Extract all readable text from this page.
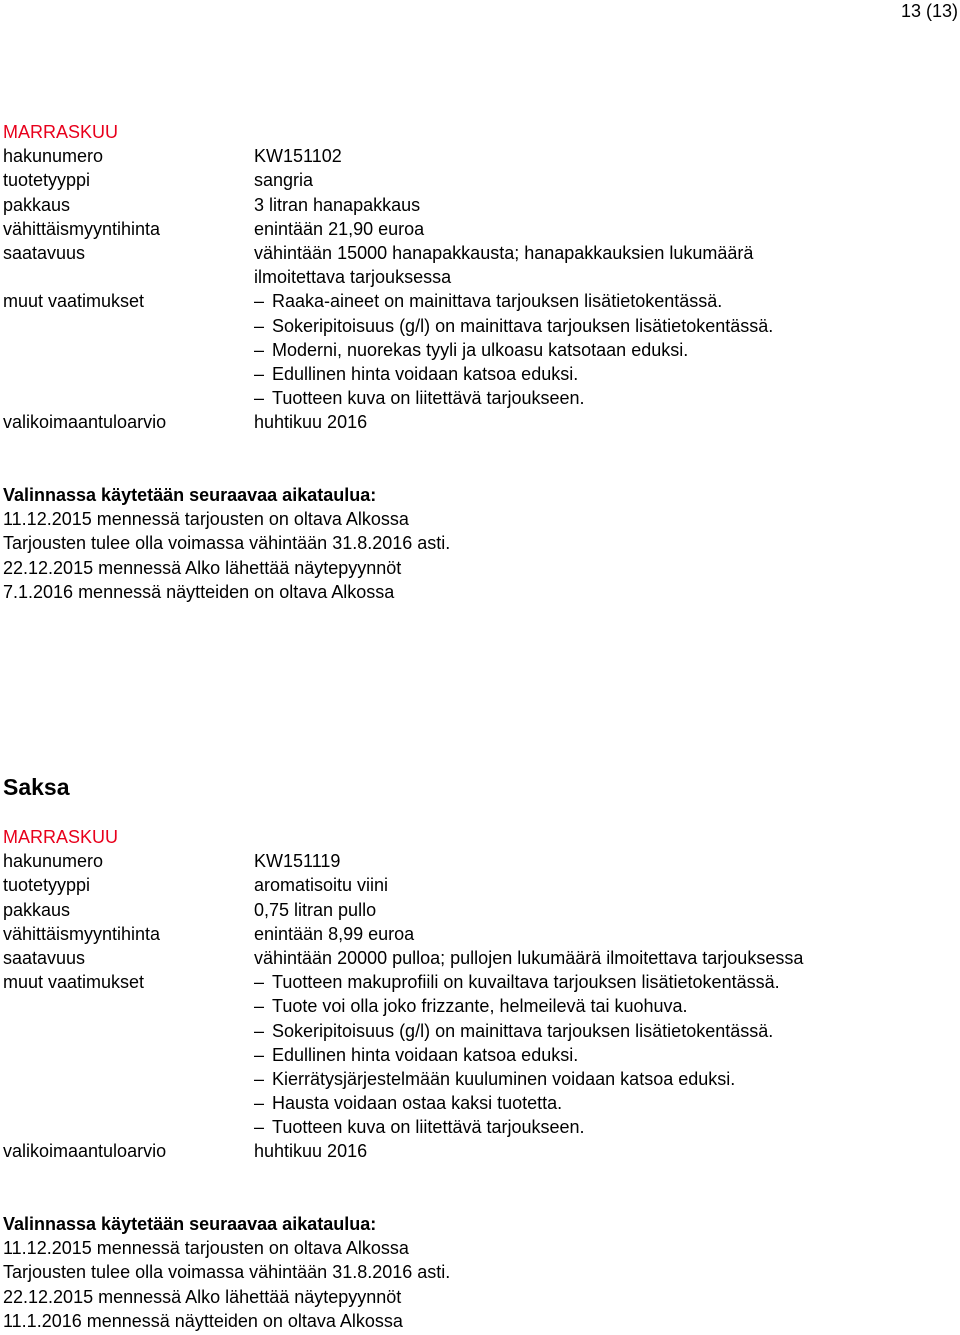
13 (13)
MARRASKUU
hakunumero	KW151102
tuotetyyppi	sangria
pakkaus	3 litran hanapakkaus
vähittäismyyntihinta	enintään 21,90 euroa
saatavuus	vähintään 15000 hanapakkausta; hanapakkauksien lukumäärä
ilmoitettava tarjouksessa
muut vaatimukset	– Raaka-aineet on mainittava tarjouksen lisätietokentässä.
– Sokeripitoisuus (g/l) on mainittava tarjouksen lisätietokentässä.
– Moderni, nuorekas tyyli ja ulkoasu katsotaan eduksi.
– Edullinen hinta voidaan katsoa eduksi.
– Tuotteen kuva on liitettävä tarjoukseen.
valikoimaantuloarvio	huhtikuu 2016
Valinnassa käytetään seuraavaa aikataulua:
11.12.2015 mennessä tarjousten on oltava Alkossa
Tarjousten tulee olla voimassa vähintään 31.8.2016 asti.
22.12.2015 mennessä Alko lähettää näytepyynnöt
7.1.2016 mennessä näytteiden on oltava Alkossa
Saksa
MARRASKUU
hakunumero	KW151119
tuotetyyppi	aromatisoitu viini
pakkaus	0,75 litran pullo
vähittäismyyntihinta	enintään 8,99 euroa
saatavuus	vähintään 20000 pulloa; pullojen lukumäärä ilmoitettava tarjouksessa
muut vaatimukset	– Tuotteen makuprofiili on kuvailtava tarjouksen lisätietokentässä.
– Tuote voi olla joko frizzante, helmeilevä tai kuohuva.
– Sokeripitoisuus (g/l) on mainittava tarjouksen lisätietokentässä.
– Edullinen hinta voidaan katsoa eduksi.
– Kierrätysjärjestelmään kuuluminen voidaan katsoa eduksi.
– Hausta voidaan ostaa kaksi tuotetta.
– Tuotteen kuva on liitettävä tarjoukseen.
valikoimaantuloarvio	huhtikuu 2016
Valinnassa käytetään seuraavaa aikataulua:
11.12.2015 mennessä tarjousten on oltava Alkossa
Tarjousten tulee olla voimassa vähintään 31.8.2016 asti.
22.12.2015 mennessä Alko lähettää näytepyynnöt
11.1.2016 mennessä näytteiden on oltava Alkossa
